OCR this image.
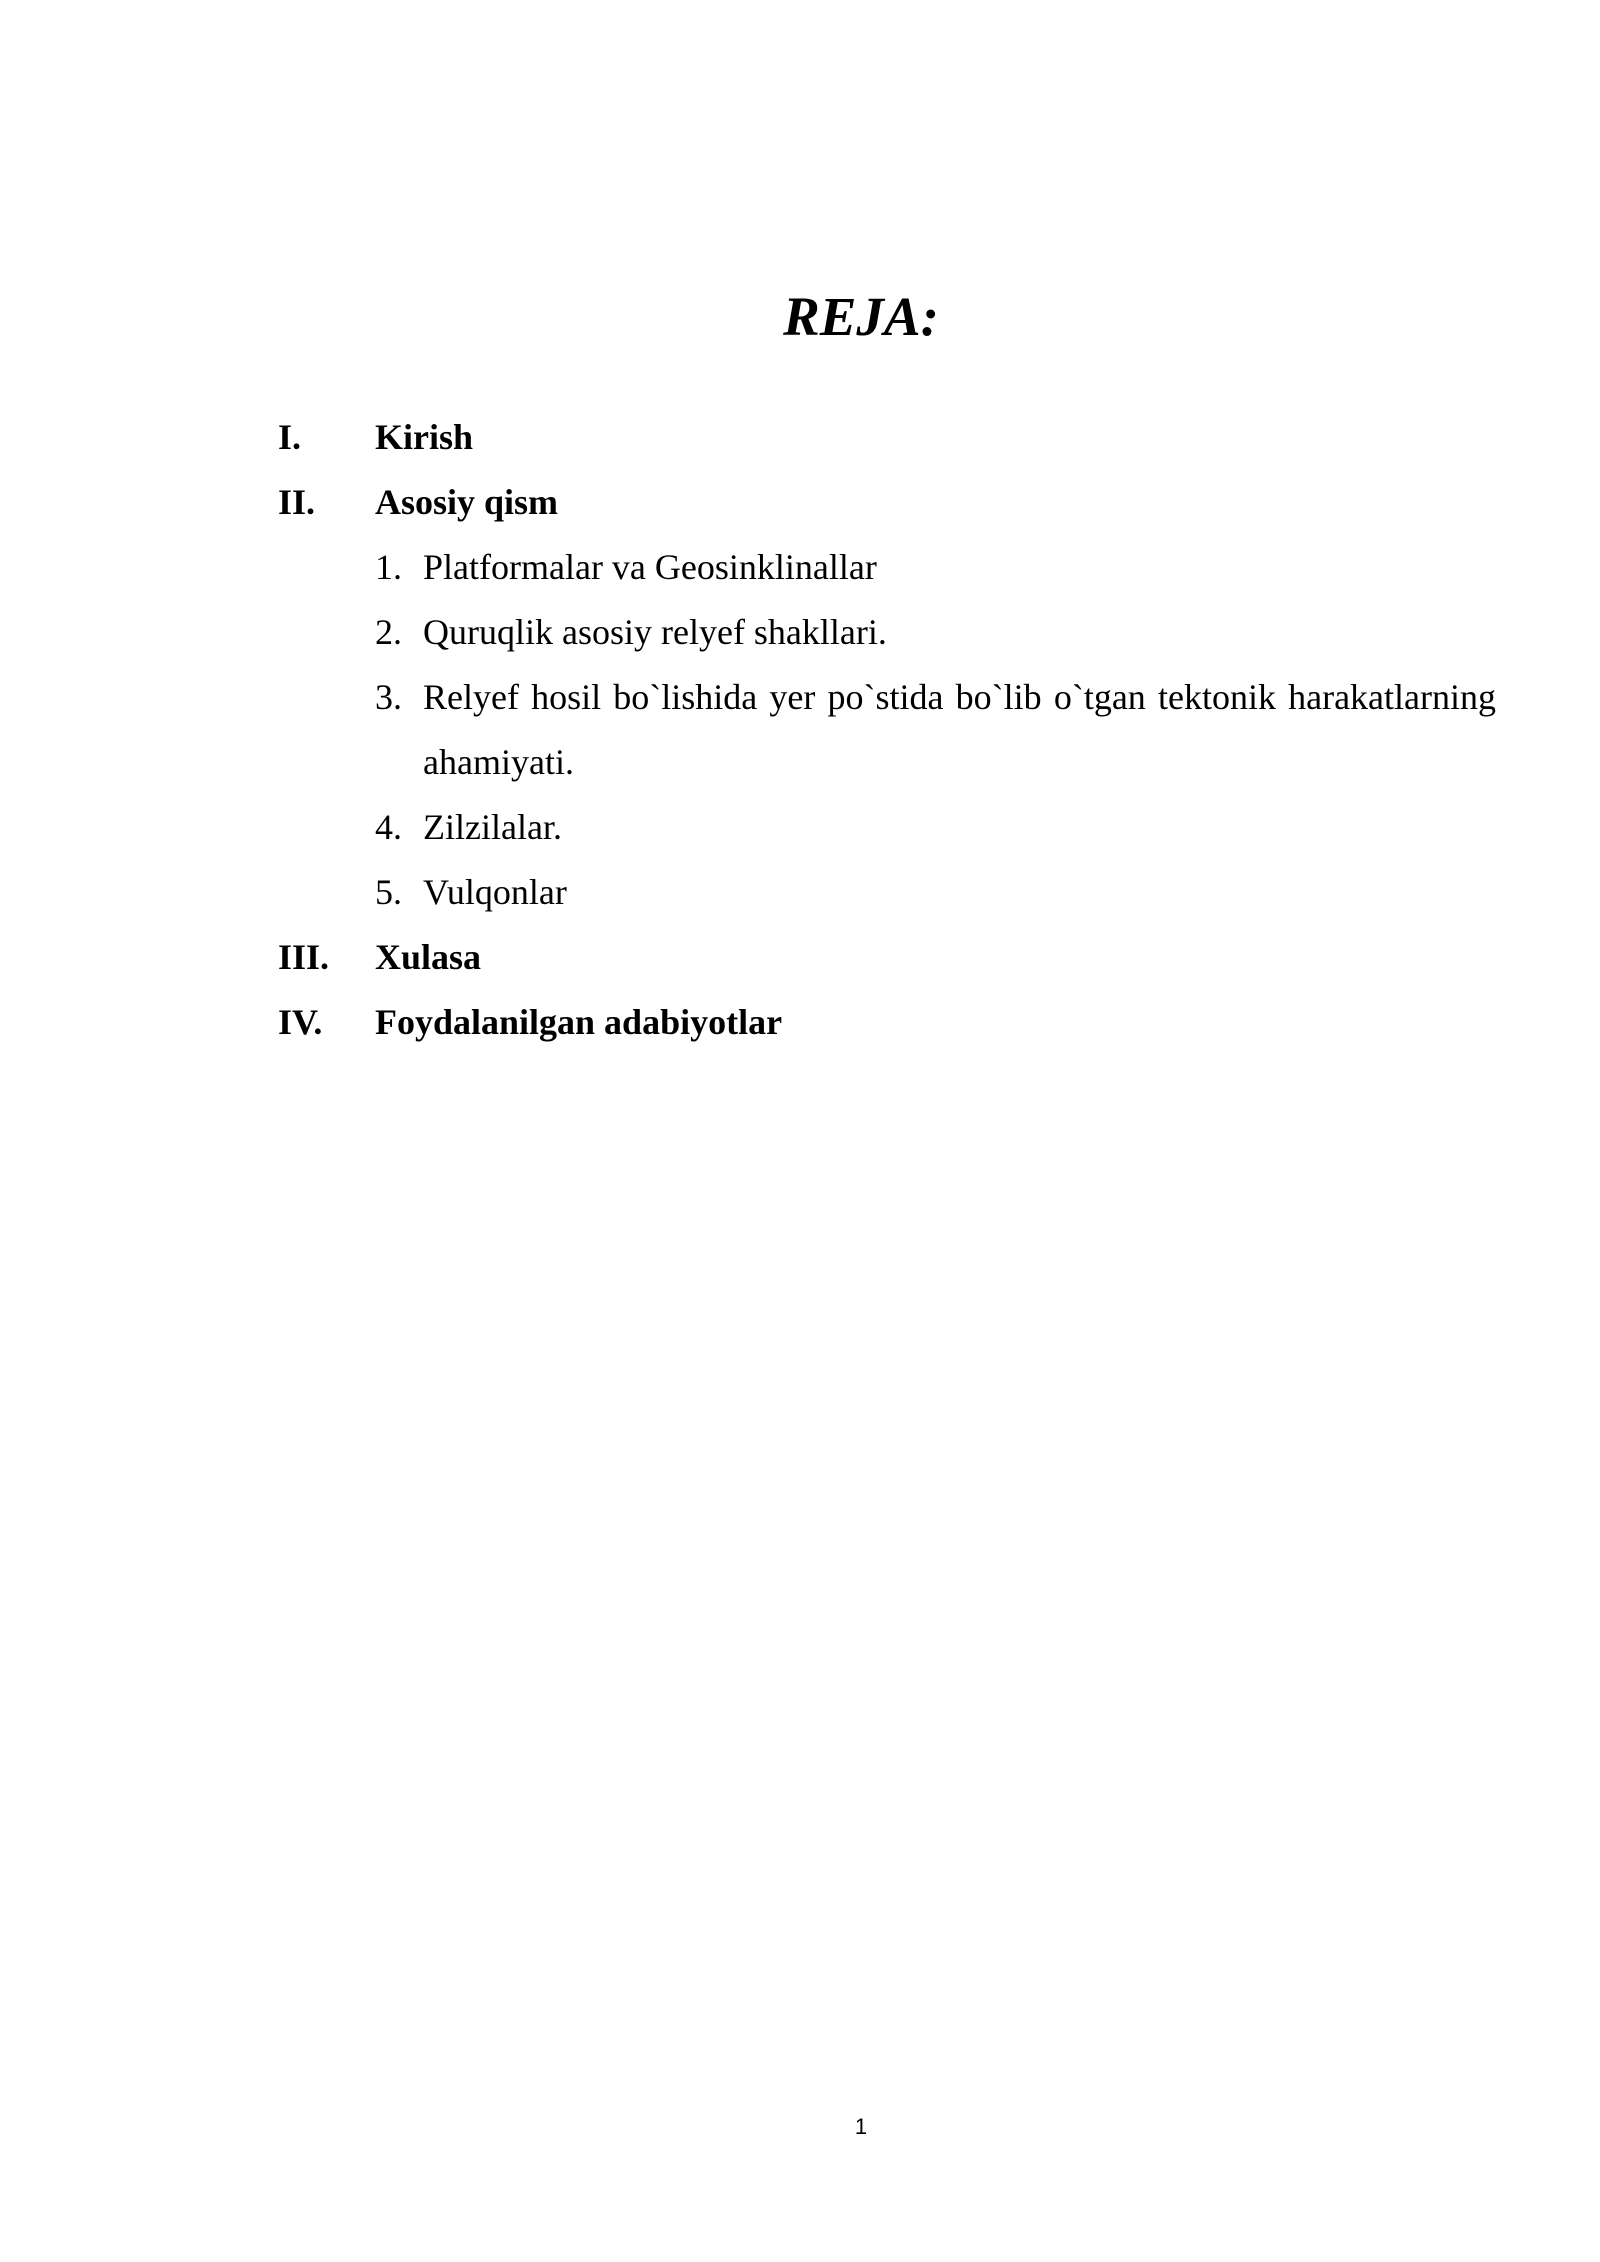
REJA:
I. Kirish
II. Asosiy qism
1. Platformalar va Geosinklinallar
2. Quruqlik asosiy relyef shakllari.
3. Relyef hosil bo`lishida yer po`stida bo`lib o`tgan tektonik harakatlarning ahamiyati.
4. Zilzilalar.
5. Vulqonlar
III. Xulasa
IV. Foydalanilgan adabiyotlar
1
